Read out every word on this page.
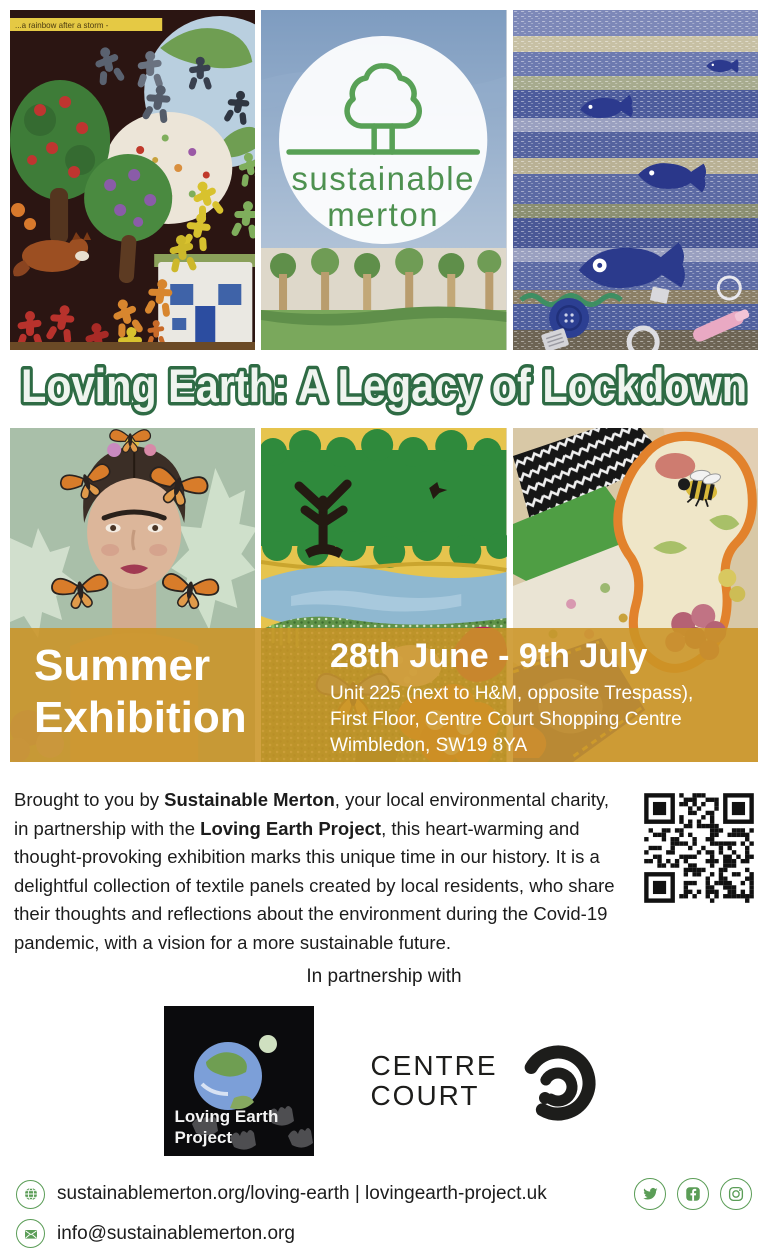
...a rainbow after a storm -
sustainable
merton
Loving Earth: A Legacy of Lockdown
Summer
Exhibition
28th June - 9th July
Unit 225 (next to H&M, opposite Trespass),
First Floor, Centre Court Shopping Centre
Wimbledon, SW19 8YA

Brought to you by Sustainable Merton, your local environmental charity, in partnership with the Loving Earth Project, this heart-warming and thought-provoking exhibition marks this unique time in our history. It is a delightful collection of textile panels created by local residents, who share their thoughts and reflections about the environment during the Covid-19 pandemic, with a vision for a more sustainable future.

In partnership with
Loving Earth
Project
CENTRE
COURT
sustainablemerton.org/loving-earth | lovingearth-project.uk
info@sustainablemerton.org
